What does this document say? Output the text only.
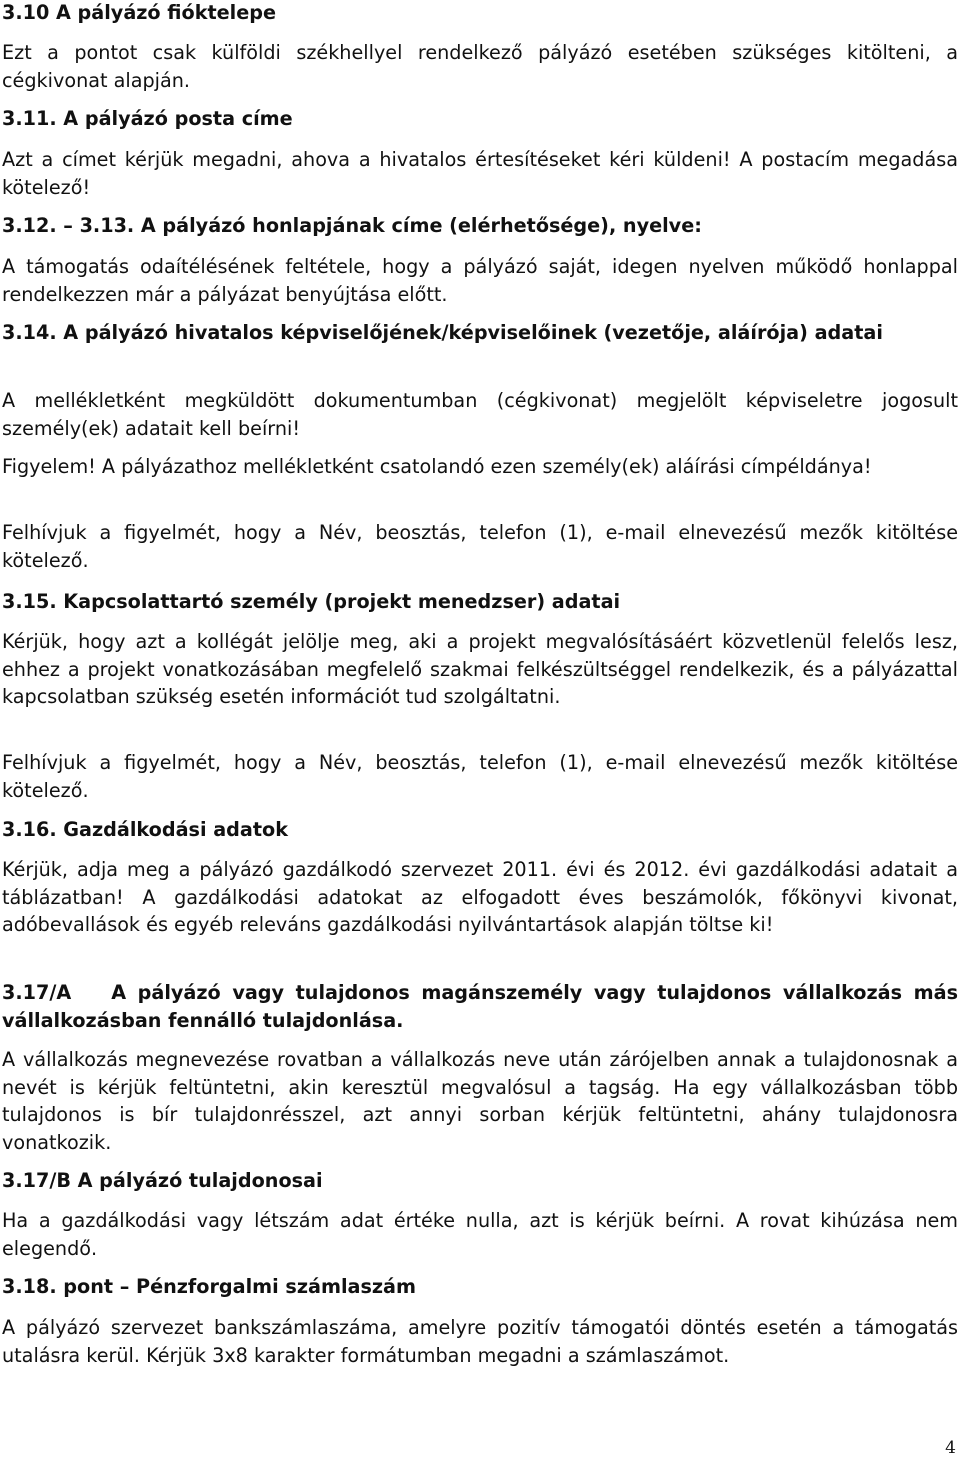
3.10 A pályázó fióktelepe
Ezt a pontot csak külföldi székhellyel rendelkező pályázó esetében szükséges kitölteni, a cégkivonat alapján.
3.11. A pályázó posta címe
Azt a címet kérjük megadni, ahova a hivatalos értesítéseket kéri küldeni! A postacím megadása kötelező!
3.12. – 3.13. A pályázó honlapjának címe (elérhetősége), nyelve:
A támogatás odaítélésének feltétele, hogy a pályázó saját, idegen nyelven működő honlappal rendelkezzen már a pályázat benyújtása előtt.
3.14. A pályázó hivatalos képviselőjének/képviselőinek (vezetője, aláírója) adatai
A mellékletként megküldött dokumentumban (cégkivonat) megjelölt képviseletre jogosult személy(ek) adatait kell beírni!
Figyelem! A pályázathoz mellékletként csatolandó ezen személy(ek) aláírási címpéldánya!
Felhívjuk a figyelmét, hogy a Név, beosztás, telefon (1), e-mail elnevezésű mezők kitöltése kötelező.
3.15. Kapcsolattartó személy (projekt menedzser) adatai
Kérjük, hogy azt a kollégát jelölje meg, aki a projekt megvalósításáért közvetlenül felelős lesz, ehhez a projekt vonatkozásában megfelelő szakmai felkészültséggel rendelkezik, és a pályázattal kapcsolatban szükség esetén információt tud szolgáltatni.
Felhívjuk a figyelmét, hogy a Név, beosztás, telefon (1), e-mail elnevezésű mezők kitöltése kötelező.
3.16. Gazdálkodási adatok
Kérjük, adja meg a pályázó gazdálkodó szervezet 2011. évi és 2012. évi gazdálkodási adatait a táblázatban! A gazdálkodási adatokat az elfogadott éves beszámolók, főkönyvi kivonat, adóbevallások és egyéb releváns gazdálkodási nyilvántartások alapján töltse ki!
3.17/A A pályázó vagy tulajdonos magánszemély vagy tulajdonos vállalkozás más vállalkozásban fennálló tulajdonlása.
A vállalkozás megnevezése rovatban a vállalkozás neve után zárójelben annak a tulajdonosnak a nevét is kérjük feltüntetni, akin keresztül megvalósul a tagság. Ha egy vállalkozásban több tulajdonos is bír tulajdonrésszel, azt annyi sorban kérjük feltüntetni, ahány tulajdonosra vonatkozik.
3.17/B A pályázó tulajdonosai
Ha a gazdálkodási vagy létszám adat értéke nulla, azt is kérjük beírni. A rovat kihúzása nem elegendő.
3.18. pont – Pénzforgalmi számlaszám
A pályázó szervezet bankszámlaszáma, amelyre pozitív támogatói döntés esetén a támogatás utalásra kerül. Kérjük 3x8 karakter formátumban megadni a számlaszámot.
4
